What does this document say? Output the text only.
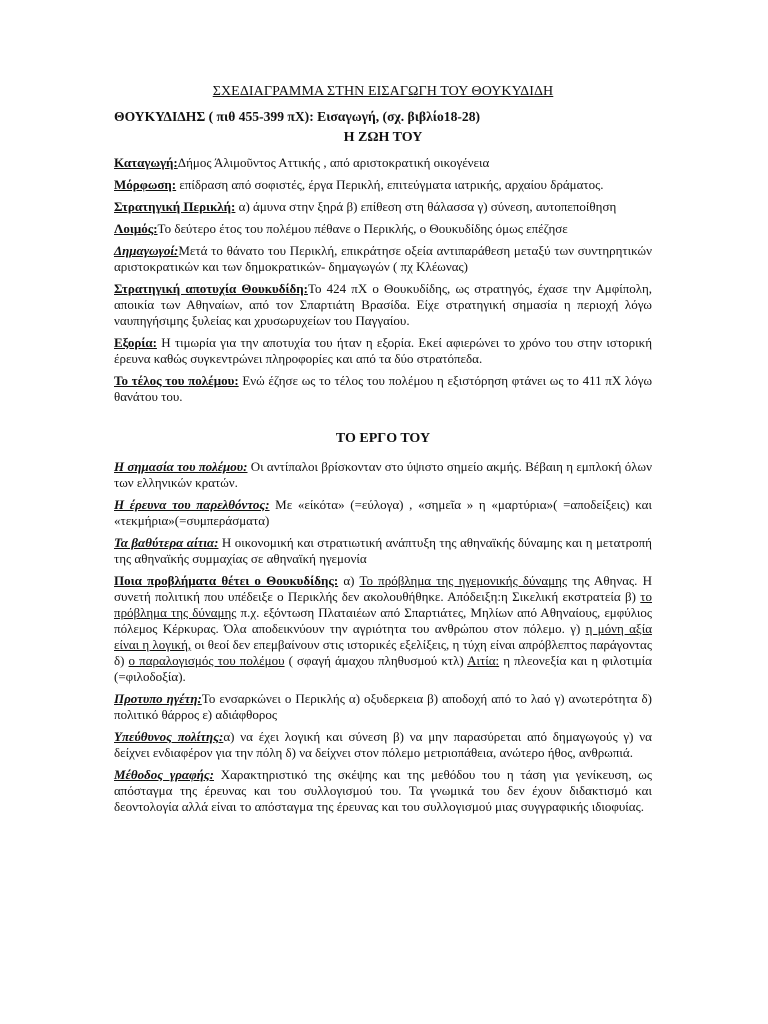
ΣΧΕΔΙΑΓΡΑΜΜΑ ΣΤΗΝ ΕΙΣΑΓΩΓΗ ΤΟΥ ΘΟΥΚΥΔΙΔΗ
ΘΟΥΚΥΔΙΔΗΣ ( πιθ 455-399 πΧ): Εισαγωγή, (σχ. βιβλίο18-28)
Η ΖΩΗ ΤΟΥ

Καταγωγή:Δήμος Άλιμοῦντος Αττικής , από αριστοκρατική οικογένεια

Μόρφωση: επίδραση από σοφιστές, έργα Περικλή, επιτεύγματα ιατρικής, αρχαίου δράματος.

Στρατηγική Περικλή: α) άμυνα στην ξηρά β) επίθεση στη θάλασσα γ) σύνεση, αυτοπεποίθηση

Λοιμός:Το δεύτερο έτος του πολέμου πέθανε ο Περικλής, ο Θουκυδίδης όμως επέζησε

Δημαγωγοί:Μετά το θάνατο του Περικλή, επικράτησε οξεία αντιπαράθεση μεταξύ των συντηρητικών αριστοκρατικών και των δημοκρατικών- δημαγωγών ( πχ Κλέωνας)

Στρατηγική αποτυχία Θουκυδίδη:Το 424 πΧ ο Θουκυδίδης, ως στρατηγός, έχασε την Αμφίπολη, αποικία των Αθηναίων, από τον Σπαρτιάτη Βρασίδα. Είχε στρατηγική σημασία η περιοχή λόγω ναυπηγήσιμης ξυλείας και χρυσωρυχείων του Παγγαίου.

Εξορία: Η τιμωρία για την αποτυχία του ήταν η εξορία. Εκεί αφιερώνει το χρόνο του στην ιστορική έρευνα καθώς συγκεντρώνει πληροφορίες και από τα δύο στρατόπεδα.

Το τέλος του πολέμου: Ενώ έζησε ως το τέλος του πολέμου η εξιστόρηση φτάνει ως το 411 πΧ λόγω θανάτου του.

ΤΟ ΕΡΓΟ ΤΟΥ

Η σημασία του πολέμου: Οι αντίπαλοι βρίσκονταν στο ύψιστο σημείο ακμής. Βέβαιη η εμπλοκή όλων των ελληνικών κρατών.

Η έρευνα του παρελθόντος: Με «είκότα» (=εύλογα) , «σημεῖα » η «μαρτύρια»( =αποδείξεις) και «τεκμήρια»(=συμπεράσματα)

Τα βαθύτερα αίτια: Η οικονομική και στρατιωτική ανάπτυξη της αθηναϊκής δύναμης και η μετατροπή της αθηναϊκής συμμαχίας σε αθηναϊκή ηγεμονία

Ποια προβλήματα θέτει ο Θουκυδίδης: α) Το πρόβλημα της ηγεμονικής δύναμης της Αθηνας. Η συνετή πολιτική που υπέδειξε ο Περικλής δεν ακολουθήθηκε. Απόδειξη:η Σικελική εκστρατεία β) το πρόβλημα της δύναμης π.χ. εξόντωση Πλαταιέων από Σπαρτιάτες, Μηλίων από Αθηναίους, εμφύλιος πόλεμος Κέρκυρας. Όλα αποδεικνύουν την αγριότητα του ανθρώπου στον πόλεμο. γ) η μόνη αξία είναι η λογική, οι θεοί δεν επεμβαίνουν στις ιστορικές εξελίξεις, η τύχη είναι απρόβλεπτος παράγοντας δ) ο παραλογισμός του πολέμου ( σφαγή άμαχου πληθυσμού κτλ) Αιτία: η πλεονεξία και η φιλοτιμία (=φιλοδοξία).

Προτυπο ηγέτη:Το ενσαρκώνει ο Περικλής α) οξυδερκεια β) αποδοχή από το λαό γ) ανωτερότητα δ) πολιτικό θάρρος ε) αδιάφθορος

Υπεύθυνος πολίτης:α) να έχει λογική και σύνεση β) να μην παρασύρεται από δημαγωγούς γ) να δείχνει ενδιαφέρον για την πόλη δ) να δείχνει στον πόλεμο μετριοπάθεια, ανώτερο ήθος, ανθρωπιά.

Μέθοδος γραφής: Χαρακτηριστικό της σκέψης και της μεθόδου του η τάση για γενίκευση, ως απόσταγμα της έρευνας και του συλλογισμού του. Τα γνωμικά του δεν έχουν διδακτισμό και δεοντολογία αλλά είναι το απόσταγμα της έρευνας και του συλλογισμού μιας συγγραφικής ιδιοφυίας.
